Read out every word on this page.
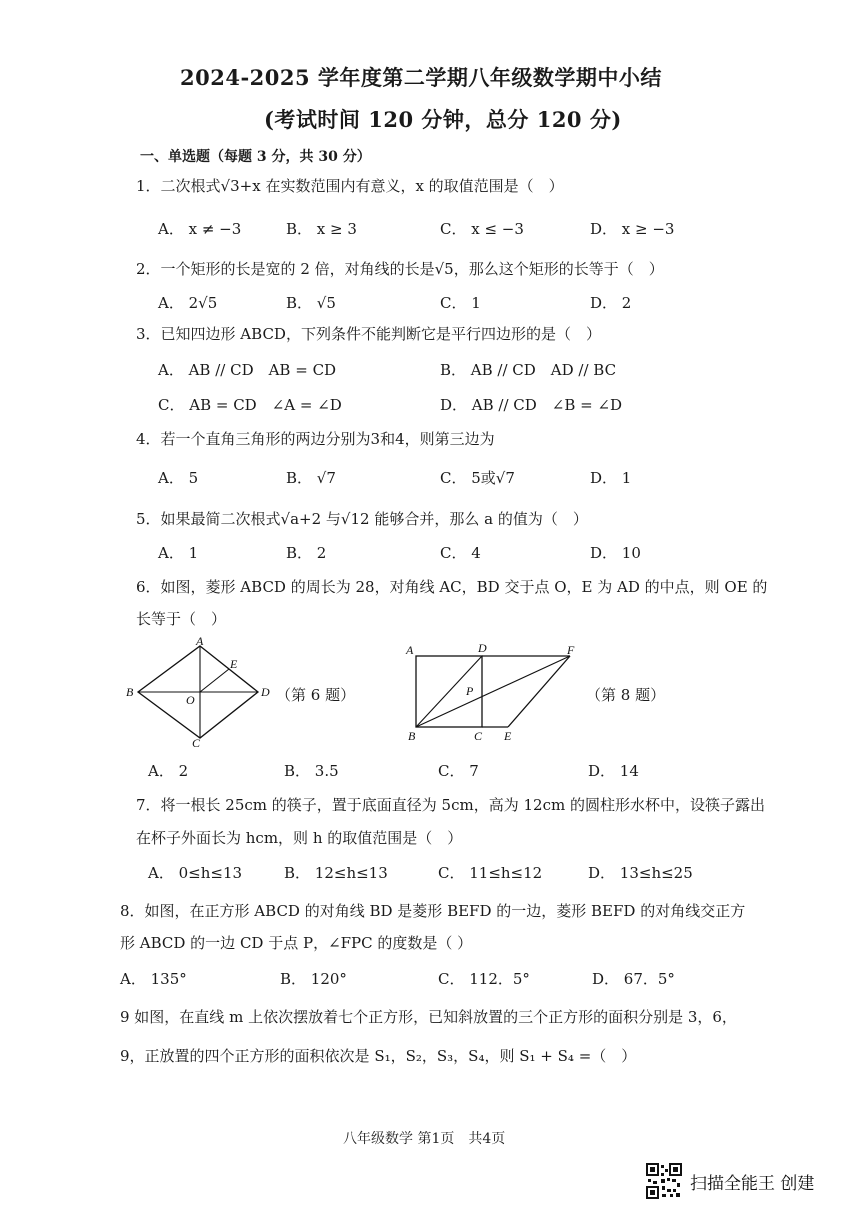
2024-2025 学年度第二学期八年级数学期中小结
(考试时间 120 分钟，总分 120 分)
一、单选题（每题 3 分，共 30 分）
1．二次根式√3+x 在实数范围内有意义，x 的取值范围是（　）
A． x ≠ −3	B． x ≥ 3	C． x ≤ −3	D． x ≥ −3
2．一个矩形的长是宽的 2 倍，对角线的长是√5，那么这个矩形的长等于（　）
A． 2√5	B． √5	C． 1	D． 2
3．已知四边形 ABCD，下列条件不能判断它是平行四边形的是（　）
A． AB // CD　AB = CD	B． AB // CD　AD // BC
C． AB = CD　∠A = ∠D	D． AB // CD　∠B = ∠D
4．若一个直角三角形的两边分别为3和4，则第三边为
A． 5	B． √7	C． 5或√7	D． 1
5．如果最简二次根式√a+2 与√12 能够合并，那么 a 的值为（　）
A． 1	B． 2	C． 4	D． 10
6．如图，菱形 ABCD 的周长为 28，对角线 AC，BD 交于点 O，E 为 AD 的中点，则 OE 的
长等于（　）
A
B
C
D
E
O	（第 6 题）
A	D	F
P
B	C E
（第 8 题）
A． 2	B． 3.5	C． 7	D． 14
7．将一根长 25cm 的筷子，置于底面直径为 5cm，高为 12cm 的圆柱形水杯中，设筷子露出
在杯子外面长为 hcm，则 h 的取值范围是（　）
A． 0≤h≤13	B． 12≤h≤13	C． 11≤h≤12	D． 13≤h≤25
8．如图，在正方形 ABCD 的对角线 BD 是菱形 BEFD 的一边，菱形 BEFD 的对角线交正方
形 ABCD 的一边 CD 于点 P，∠FPC 的度数是（ ）
A． 135°	B． 120°	C． 112．5°	D． 67．5°
9 如图，在直线 m 上依次摆放着七个正方形，已知斜放置的三个正方形的面积分别是 3，6，
9，正放置的四个正方形的面积依次是 S₁，S₂，S₃，S₄，则 S₁ + S₄ =（　）
八年级数学 第1页　共4页
扫描全能王 创建
